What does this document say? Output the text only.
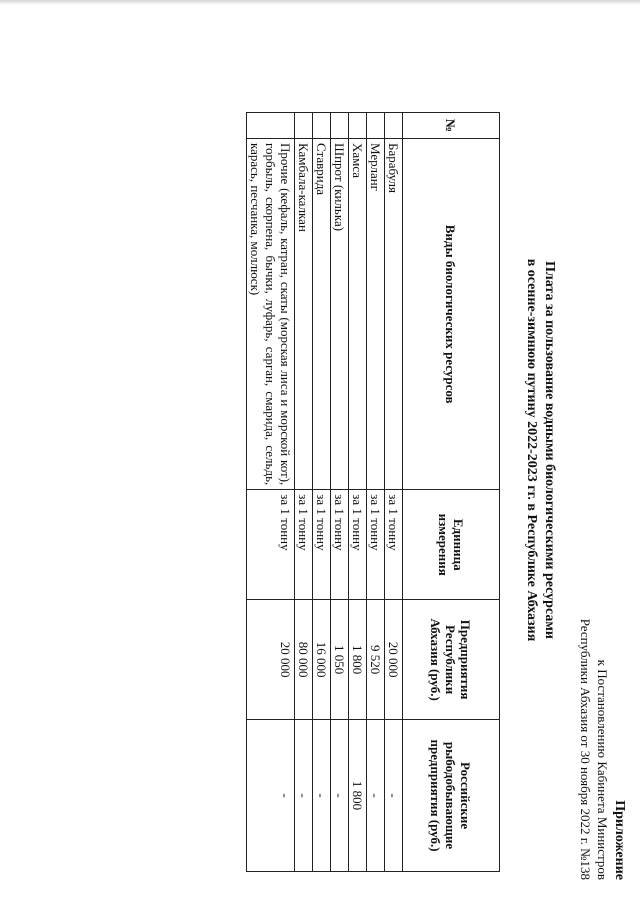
Приложение
к Постановлению Кабинета Министров
Республики Абхазия от 30 ноября 2022 г. №138
Плата за пользование водными биологическими ресурсами
в осенне-зимнюю путину 2022-2023 гг. в Республике Абхазия
№	Виды биологических ресурсов	Единица измерения	Предприятия Республики Абхазия (руб.)	Российские рыбодобывающие предприятия (руб.)
	Барабуля	за 1 тонну	20 000	-
	Мерланг	за 1 тонну	9 520	-
	Хамса	за 1 тонну	1 800	1 800
	Шпрот (килька)	за 1 тонну	1 050	-
	Ставрида	за 1 тонну	16 000	-
	Камбала-калкан	за 1 тонну	80 000	-
	Прочие (кефаль, катран, скаты (морская лиса и морской кот), горбыль, скорпена, бычки, луфарь, сарган, смарида, сельдь, карась, песчанка, моллюск)	за 1 тонну	20 000	-
